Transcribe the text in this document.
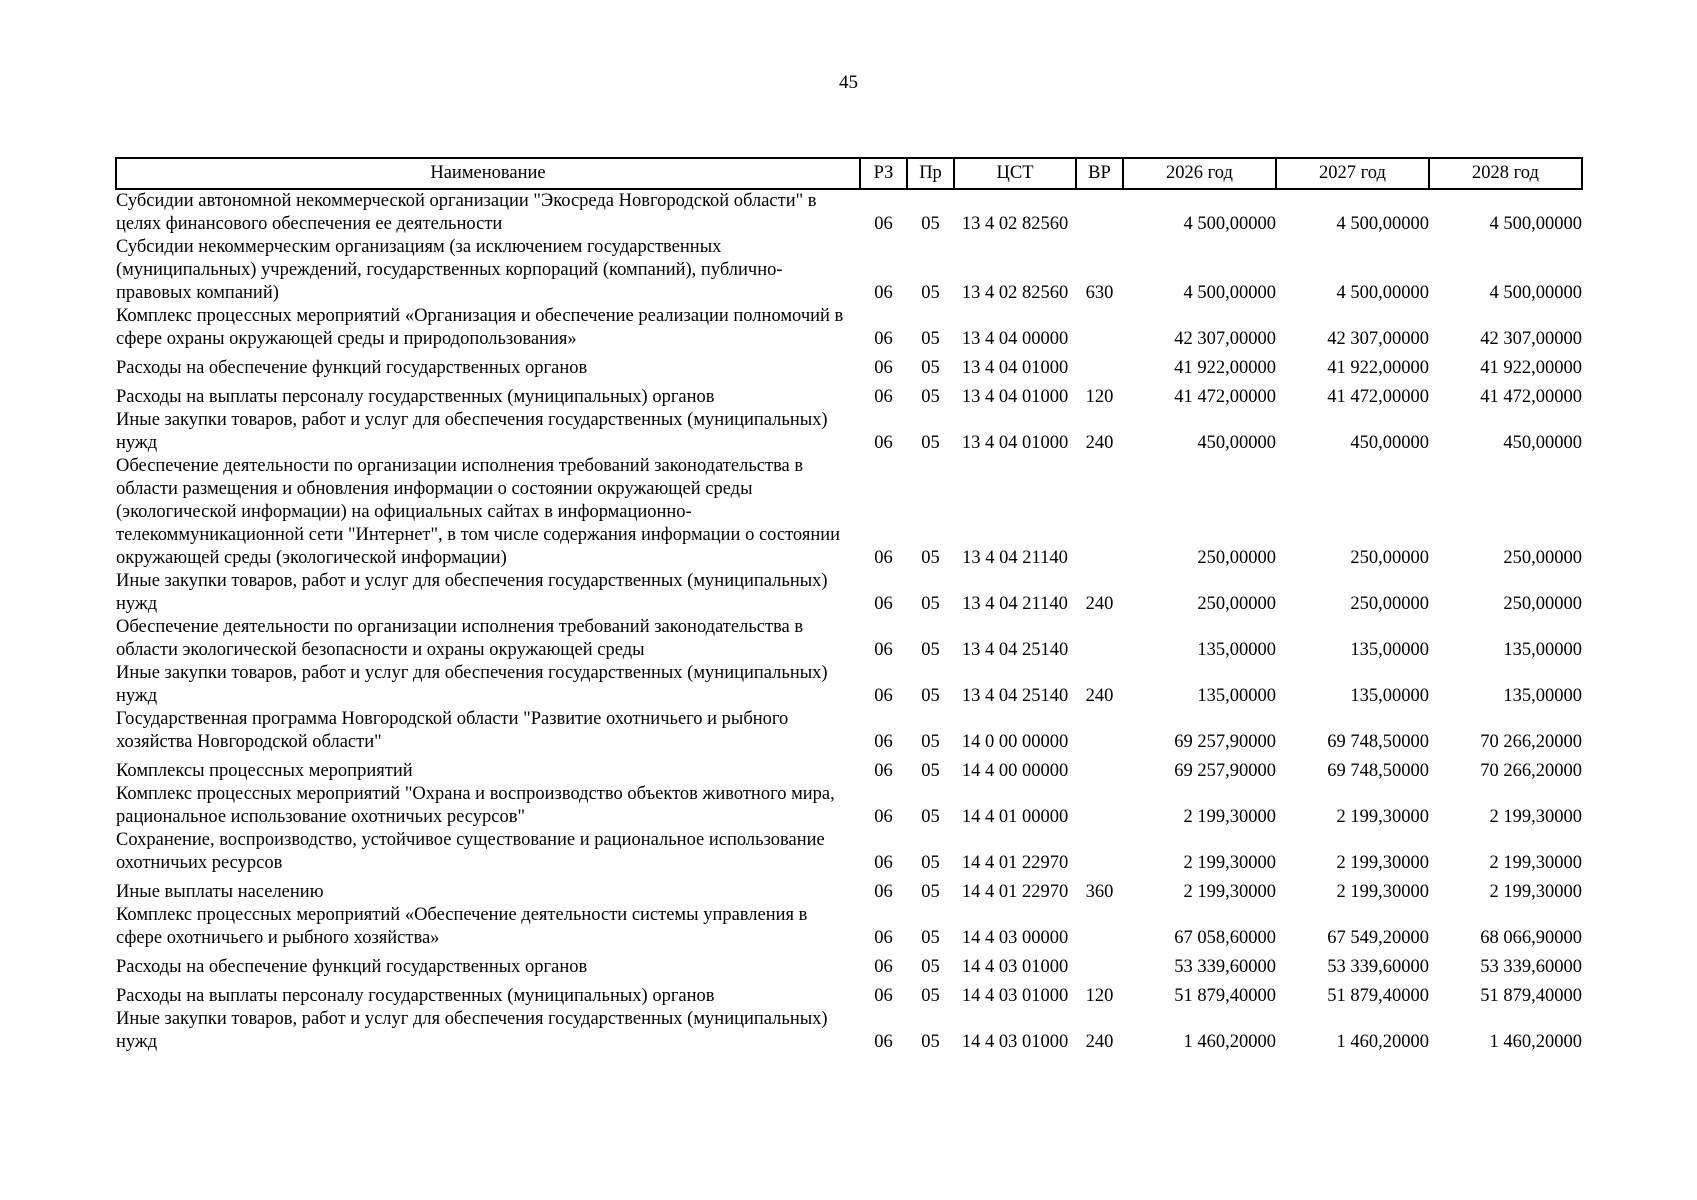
45
Наименование	РЗ	Пр	ЦСТ	ВР	2026 год	2027 год	2028 год
Субсидии автономной некоммерческой организации "Экосреда Новгородской области" в целях финансового обеспечения ее деятельности	06	05	13 4 02 82560		4 500,00000	4 500,00000	4 500,00000
Субсидии некоммерческим организациям (за исключением государственных (муниципальных) учреждений, государственных корпораций (компаний), публично-правовых компаний)	06	05	13 4 02 82560	630	4 500,00000	4 500,00000	4 500,00000
Комплекс процессных мероприятий «Организация и обеспечение реализации полномочий в сфере охраны окружающей среды и природопользования»	06	05	13 4 04 00000		42 307,00000	42 307,00000	42 307,00000
Расходы на обеспечение функций государственных органов	06	05	13 4 04 01000		41 922,00000	41 922,00000	41 922,00000
Расходы на выплаты персоналу государственных (муниципальных) органов	06	05	13 4 04 01000	120	41 472,00000	41 472,00000	41 472,00000
Иные закупки товаров, работ и услуг для обеспечения государственных (муниципальных) нужд	06	05	13 4 04 01000	240	450,00000	450,00000	450,00000
Обеспечение деятельности по организации исполнения требований законодательства в области размещения и обновления информации о состоянии окружающей среды (экологической информации) на официальных сайтах в информационно-телекоммуникационной сети "Интернет", в том числе содержания информации о состоянии окружающей среды (экологической информации)	06	05	13 4 04 21140		250,00000	250,00000	250,00000
Иные закупки товаров, работ и услуг для обеспечения государственных (муниципальных) нужд	06	05	13 4 04 21140	240	250,00000	250,00000	250,00000
Обеспечение деятельности по организации исполнения требований законодательства в области экологической безопасности и охраны окружающей среды	06	05	13 4 04 25140		135,00000	135,00000	135,00000
Иные закупки товаров, работ и услуг для обеспечения государственных (муниципальных) нужд	06	05	13 4 04 25140	240	135,00000	135,00000	135,00000
Государственная программа Новгородской области "Развитие охотничьего и рыбного хозяйства Новгородской области"	06	05	14 0 00 00000		69 257,90000	69 748,50000	70 266,20000
Комплексы процессных мероприятий	06	05	14 4 00 00000		69 257,90000	69 748,50000	70 266,20000
Комплекс процессных мероприятий "Охрана и воспроизводство объектов животного мира, рациональное использование охотничьих ресурсов"	06	05	14 4 01 00000		2 199,30000	2 199,30000	2 199,30000
Сохранение, воспроизводство, устойчивое существование и рациональное использование охотничьих ресурсов	06	05	14 4 01 22970		2 199,30000	2 199,30000	2 199,30000
Иные выплаты населению	06	05	14 4 01 22970	360	2 199,30000	2 199,30000	2 199,30000
Комплекс процессных мероприятий «Обеспечение деятельности системы управления в сфере охотничьего и рыбного хозяйства»	06	05	14 4 03 00000		67 058,60000	67 549,20000	68 066,90000
Расходы на обеспечение функций государственных органов	06	05	14 4 03 01000		53 339,60000	53 339,60000	53 339,60000
Расходы на выплаты персоналу государственных (муниципальных) органов	06	05	14 4 03 01000	120	51 879,40000	51 879,40000	51 879,40000
Иные закупки товаров, работ и услуг для обеспечения государственных (муниципальных) нужд	06	05	14 4 03 01000	240	1 460,20000	1 460,20000	1 460,20000
